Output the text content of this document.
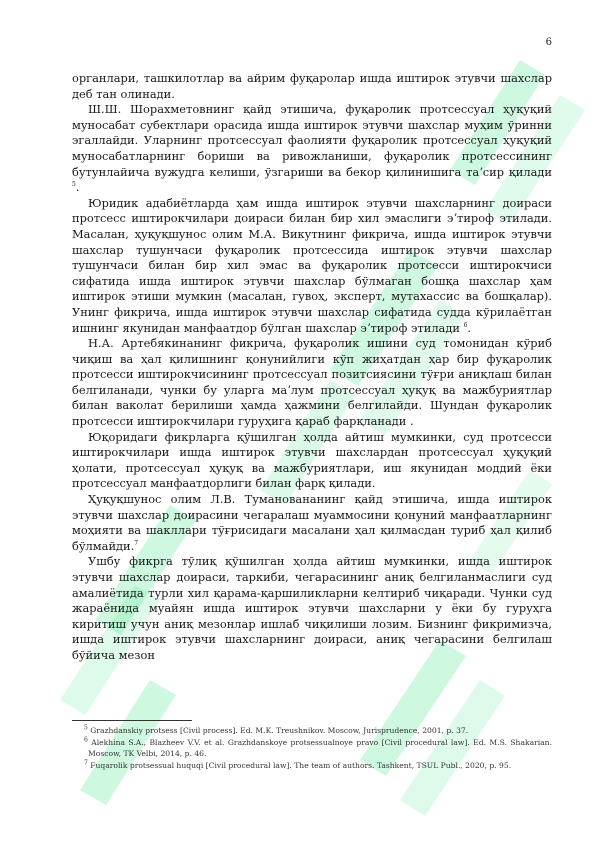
6

органлари, ташкилотлар ва айрим фуқаролар ишда иштирок этувчи шахслар деб тан олинади.

Ш.Ш. Шорахметовнинг қайд этишича, фуқаролик протсессуал ҳуқуқий муносабат субектлари орасида ишда иштирок этувчи шахслар муҳим ўринни эгаллайди. Уларнинг протсессуал фаолияти фуқаролик протсессуал ҳуқуқий муносабатларнинг бориши ва ривожланиши, фуқаролик протсессининг бутунлайича вужудга келиши, ўзгариши ва бекор қилинишига таʼсир қилади $^5$.

Юридик адабиётларда ҳам ишда иштирок этувчи шахсларнинг доираси протсесс иштирокчилари доираси билан бир хил эмаслиги эʼтироф этилади. Масалан, ҳуқуқшунос олим М.А. Викутнинг фикрича, ишда иштирок этувчи шахслар тушунчаси фуқаролик протсессида иштирок этувчи шахслар тушунчаси билан бир хил эмас ва фуқаролик протсесси иштирокчиси сифатида ишда иштирок этувчи шахслар бўлмаган бошқа шахслар ҳам иштирок этиши мумкин (масалан, гувоҳ, эксперт, мутахассис ва бошқалар). Унинг фикрича, ишда иштирок этувчи шахслар сифатида судда кўрилаётган ишнинг якунидан манфаатдор бўлган шахслар эʼтироф этилади $^6$.

Н.А. Артебякинанинг фикрича, фуқаролик ишини суд томонидан кўриб чиқиш ва ҳал қилишнинг қонунийлиги кўп жиҳатдан ҳар бир фуқаролик протсесси иштирокчисининг протсессуал позитсиясини тўғри аниқлаш билан белгиланади, чунки бу уларга маʼлум протсессуал ҳуқуқ ва мажбуриятлар билан ваколат берилиши ҳамда ҳажмини белгилайди. Шундан фуқаролик протсесси иштирокчилари гуруҳига қараб фарқланади .

Юқоридаги фикрларга қўшилган ҳолда айтиш мумкинки, суд протсесси иштирокчилари ишда иштирок этувчи шахслардан протсессуал ҳуқуқий ҳолати, протсессуал ҳуқуқ ва мажбуриятлари, иш якунидан моддий ёки протсессуал манфаатдорлиги билан фарқ қилади.

Ҳуқуқшунос олим Л.В. Тумановананинг қайд этишича, ишда иштирок этувчи шахслар доирасини чегаралаш муаммосини қонуний манфаатларнинг моҳияти ва шакллари тўғрисидаги масалани ҳал қилмасдан туриб ҳал қилиб бўлмайди.$^7$

Ушбу фикрга тўлиқ қўшилган ҳолда айтиш мумкинки, ишда иштирок этувчи шахслар доираси, таркиби, чегарасининг аниқ белгиланмаслиги суд амалиётида турли хил қарама-қаршиликларни келтириб чиқаради. Чунки суд жараёнида муайян ишда иштирок этувчи шахсларни у ёки бу гуруҳга киритиш учун аниқ мезонлар ишлаб чиқилиши лозим. Бизнинг фикримизча, ишда иштирок этувчи шахсларнинг доираси, аниқ чегарасини белгилаш бўйича мезон

$^5$ Grazhdanskiy protsess [Civil process]. Ed. M.K. Treushnikov. Moscow, Jurisprudence, 2001, p. 37.

$^6$ Alekhina S.A., Blazheev V.V. et al. Grazhdanskoye protsessualnoye pravo [Civil procedural law]. Ed. M.S. Shakarian. Moscow, TK Velbi, 2014, p. 46.

$^7$ Fuqarolik protsessual huquqi [Civil procedural law]. The team of authors. Tashkent, TSUL Publ., 2020, p. 95.
